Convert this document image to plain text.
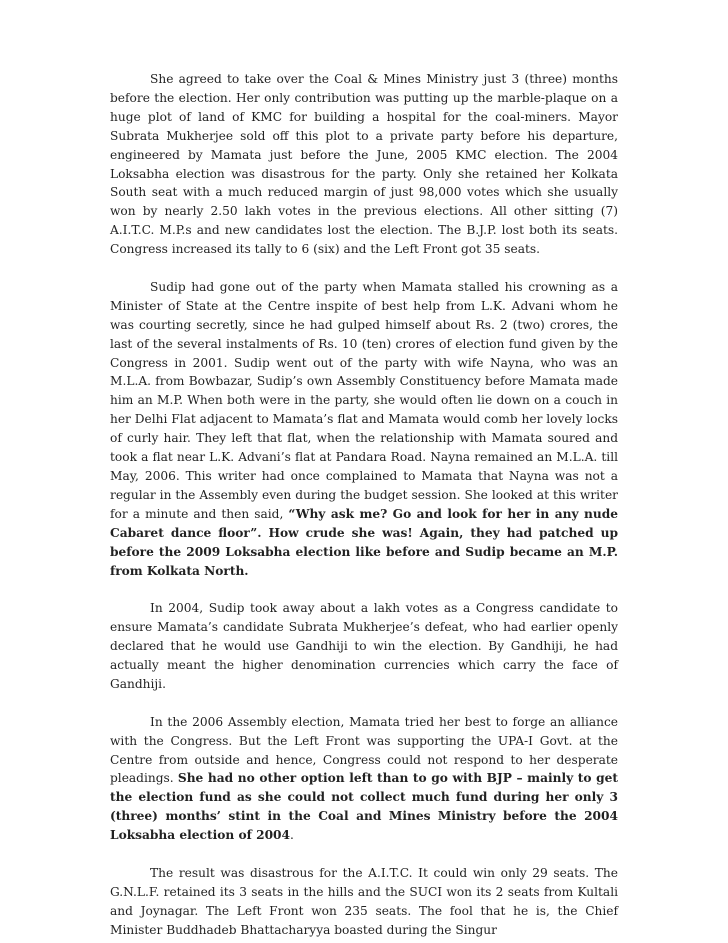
She agreed to take over the Coal & Mines Ministry just 3 (three) months before the election. Her only contribution was putting up the marble-plaque on a huge plot of land of KMC for building a hospital for the coal-miners. Mayor Subrata Mukherjee sold off this plot to a private party before his departure, engineered by Mamata just before the June, 2005 KMC election. The 2004 Loksabha election was disastrous for the party. Only she retained her Kolkata South seat with a much reduced margin of just 98,000 votes which she usually won by nearly 2.50 lakh votes in the previous elections. All other sitting (7) A.I.T.C. M.P.s and new candidates lost the election. The B.J.P. lost both its seats. Congress increased its tally to 6 (six) and the Left Front got 35 seats.

Sudip had gone out of the party when Mamata stalled his crowning as a Minister of State at the Centre inspite of best help from L.K. Advani whom he was courting secretly, since he had gulped himself about Rs. 2 (two) crores, the last of the several instalments of Rs. 10 (ten) crores of election fund given by the Congress in 2001. Sudip went out of the party with wife Nayna, who was an M.L.A. from Bowbazar, Sudip’s own Assembly Constituency before Mamata made him an M.P. When both were in the party, she would often lie down on a couch in her Delhi Flat adjacent to Mamata’s flat and Mamata would comb her lovely locks of curly hair. They left that flat, when the relationship with Mamata soured and took a flat near L.K. Advani’s flat at Pandara Road. Nayna remained an M.L.A. till May, 2006. This writer had once complained to Mamata that Nayna was not a regular in the Assembly even during the budget session. She looked at this writer for a minute and then said, “Why ask me? Go and look for her in any nude Cabaret dance floor”. How crude she was! Again, they had patched up before the 2009 Loksabha election like before and Sudip became an M.P. from Kolkata North.

In 2004, Sudip took away about a lakh votes as a Congress candidate to ensure Mamata’s candidate Subrata Mukherjee’s defeat, who had earlier openly declared that he would use Gandhiji to win the election. By Gandhiji, he had actually meant the higher denomination currencies which carry the face of Gandhiji.

In the 2006 Assembly election, Mamata tried her best to forge an alliance with the Congress. But the Left Front was supporting the UPA-I Govt. at the Centre from outside and hence, Congress could not respond to her desperate pleadings. She had no other option left than to go with BJP – mainly to get the election fund as she could not collect much fund during her only 3 (three) months’ stint in the Coal and Mines Ministry before the 2004 Loksabha election of 2004.

The result was disastrous for the A.I.T.C. It could win only 29 seats. The G.N.L.F. retained its 3 seats in the hills and the SUCI won its 2 seats from Kultali and Joynagar. The Left Front won 235 seats. The fool that he is, the Chief Minister Buddhadeb Bhattacharyya boasted during the Singur
